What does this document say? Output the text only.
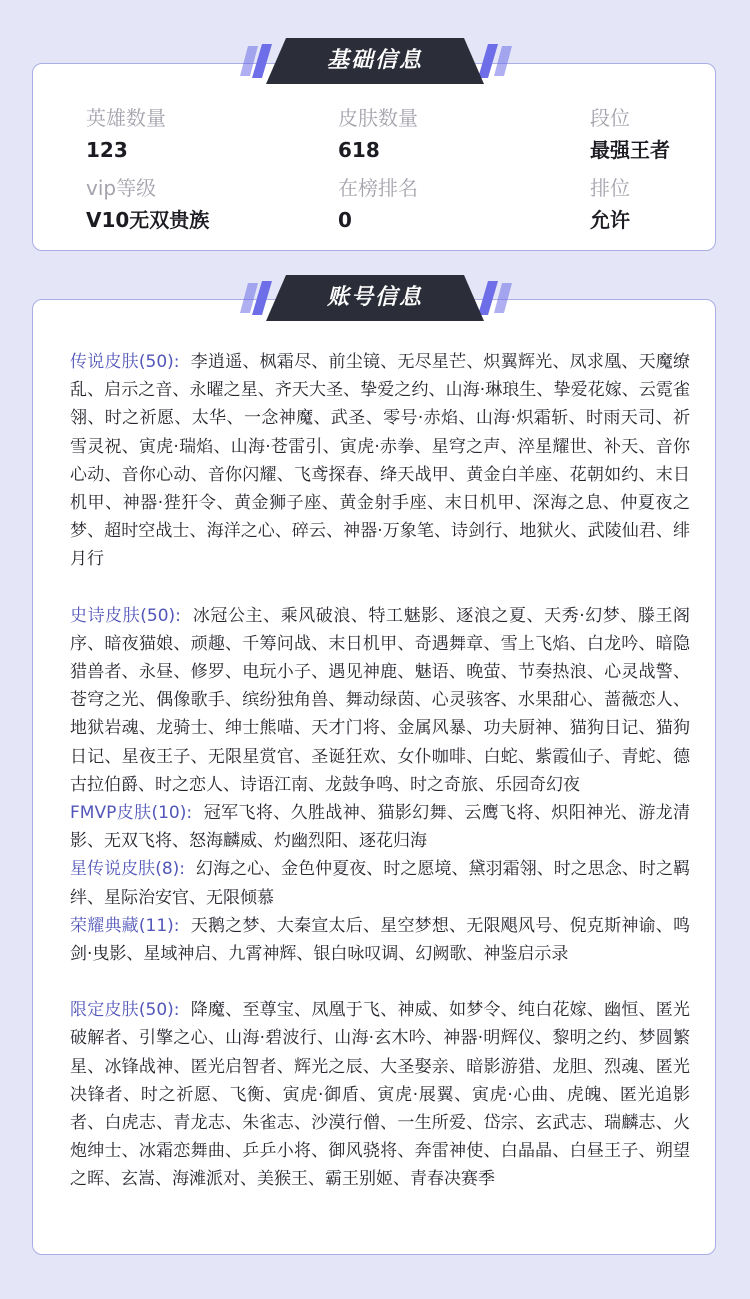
英雄数量
123
皮肤数量
618
段位
最强王者
vip等级
V10无双贵族
在榜排名
0
排位
允许

传说皮肤(50): 李逍遥、枫霜尽、前尘镜、无尽星芒、炽翼辉光、凤求凰、天魔缭乱、启示之音、永曜之星、齐天大圣、挚爱之约、山海·琳琅生、挚爱花嫁、云霓雀翎、时之祈愿、太华、一念神魔、武圣、零号·赤焰、山海·炽霜斩、时雨天司、祈雪灵祝、寅虎·瑞焰、山海·苍雷引、寅虎·赤拳、星穹之声、淬星耀世、补天、音你心动、音你心动、音你闪耀、飞鸢探春、绛天战甲、黄金白羊座、花朝如约、末日机甲、神器·狴犴令、黄金狮子座、黄金射手座、末日机甲、深海之息、仲夏夜之梦、超时空战士、海洋之心、碎云、神器·万象笔、诗剑行、地狱火、武陵仙君、绯月行

史诗皮肤(50): 冰冠公主、乘风破浪、特工魅影、逐浪之夏、天秀·幻梦、滕王阁序、暗夜猫娘、顽趣、千筹问战、末日机甲、奇遇舞章、雪上飞焰、白龙吟、暗隐猎兽者、永昼、修罗、电玩小子、遇见神鹿、魅语、晚萤、节奏热浪、心灵战警、苍穹之光、偶像歌手、缤纷独角兽、舞动绿茵、心灵骇客、水果甜心、蔷薇恋人、地狱岩魂、龙骑士、绅士熊喵、天才门将、金属风暴、功夫厨神、猫狗日记、猫狗日记、星夜王子、无限星赏官、圣诞狂欢、女仆咖啡、白蛇、紫霞仙子、青蛇、德古拉伯爵、时之恋人、诗语江南、龙鼓争鸣、时之奇旅、乐园奇幻夜

FMVP皮肤(10): 冠军飞将、久胜战神、猫影幻舞、云鹰飞将、炽阳神光、游龙清影、无双飞将、怒海麟威、灼幽烈阳、逐花归海

星传说皮肤(8): 幻海之心、金色仲夏夜、时之愿境、黛羽霜翎、时之思念、时之羁绊、星际治安官、无限倾慕

荣耀典藏(11): 天鹅之梦、大秦宣太后、星空梦想、无限飓风号、倪克斯神谕、鸣剑·曳影、星域神启、九霄神辉、银白咏叹调、幻阙歌、神鉴启示录

限定皮肤(50): 降魔、至尊宝、凤凰于飞、神威、如梦令、纯白花嫁、幽恒、匿光破解者、引擎之心、山海·碧波行、山海·玄木吟、神器·明辉仪、黎明之约、梦圆繁星、冰锋战神、匿光启智者、辉光之辰、大圣娶亲、暗影游猎、龙胆、烈魂、匿光决锋者、时之祈愿、飞衡、寅虎·御盾、寅虎·展翼、寅虎·心曲、虎魄、匿光追影者、白虎志、青龙志、朱雀志、沙漠行僧、一生所爱、岱宗、玄武志、瑞麟志、火炮绅士、冰霜恋舞曲、乒乒小将、御风骁将、奔雷神使、白晶晶、白昼王子、朔望之晖、玄嵩、海滩派对、美猴王、霸王别姬、青春决赛季

基础信息
账号信息
